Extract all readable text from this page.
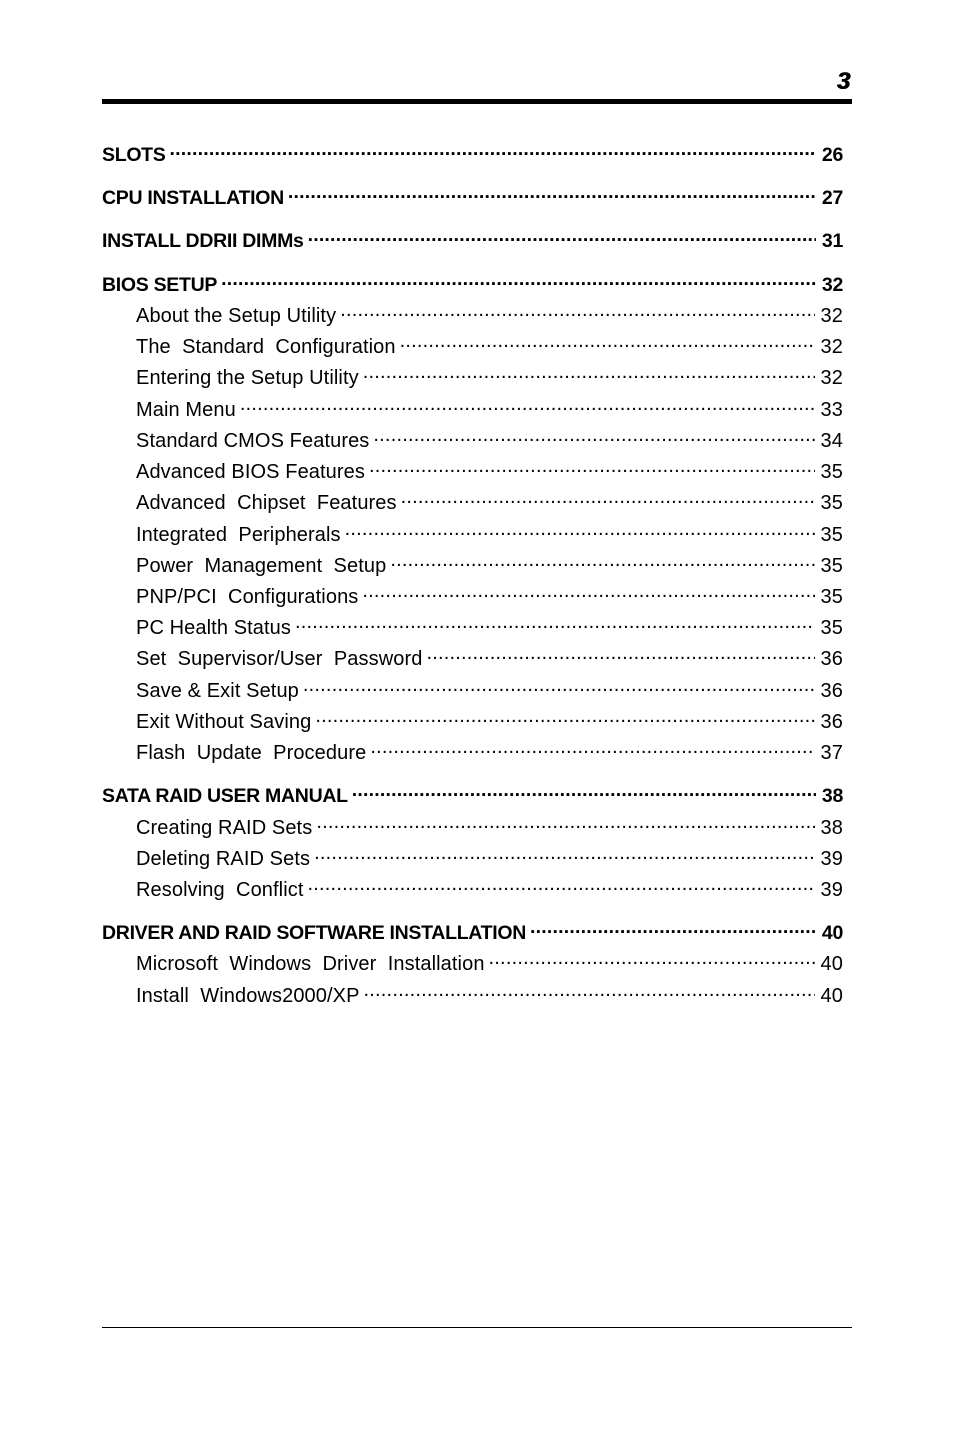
3
SLOTS .....	26
CPU INSTALLATION .....	27
INSTALL DDRII DIMMs .....	31
BIOS SETUP .....	32
About the Setup Utility .....	32
The  Standard  Configuration .....	32
Entering the Setup Utility .....	32
Main Menu .....	33
Standard CMOS Features .....	34
Advanced BIOS Features .....	35
Advanced  Chipset  Features .....	35
Integrated  Peripherals .....	35
Power  Management  Setup .....	35
PNP/PCI  Configurations .....	35
PC Health Status .....	35
Set  Supervisor/User  Password .....	36
Save & Exit Setup .....	36
Exit Without Saving .....	36
Flash  Update  Procedure .....	37
SATA RAID USER MANUAL .....	38
Creating RAID Sets .....	38
Deleting RAID Sets .....	39
Resolving  Conflict .....	39
DRIVER AND RAID SOFTWARE INSTALLATION .....	40
Microsoft  Windows  Driver  Installation .....	40
Install  Windows2000/XP .....	40
